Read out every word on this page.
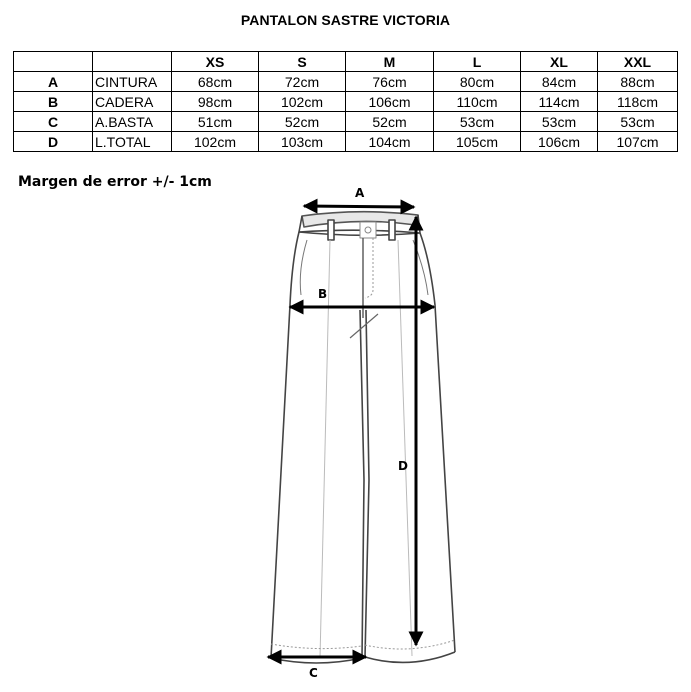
PANTALON SASTRE VICTORIA
		XS	S	M	L	XL	XXL
A	CINTURA	68cm	72cm	76cm	80cm	84cm	88cm
B	CADERA	98cm	102cm	106cm	110cm	114cm	118cm
C	A.BASTA	51cm	52cm	52cm	53cm	53cm	53cm
D	L.TOTAL	102cm	103cm	104cm	105cm	106cm	107cm
Margen de error +/- 1cm
A
B
C
D
